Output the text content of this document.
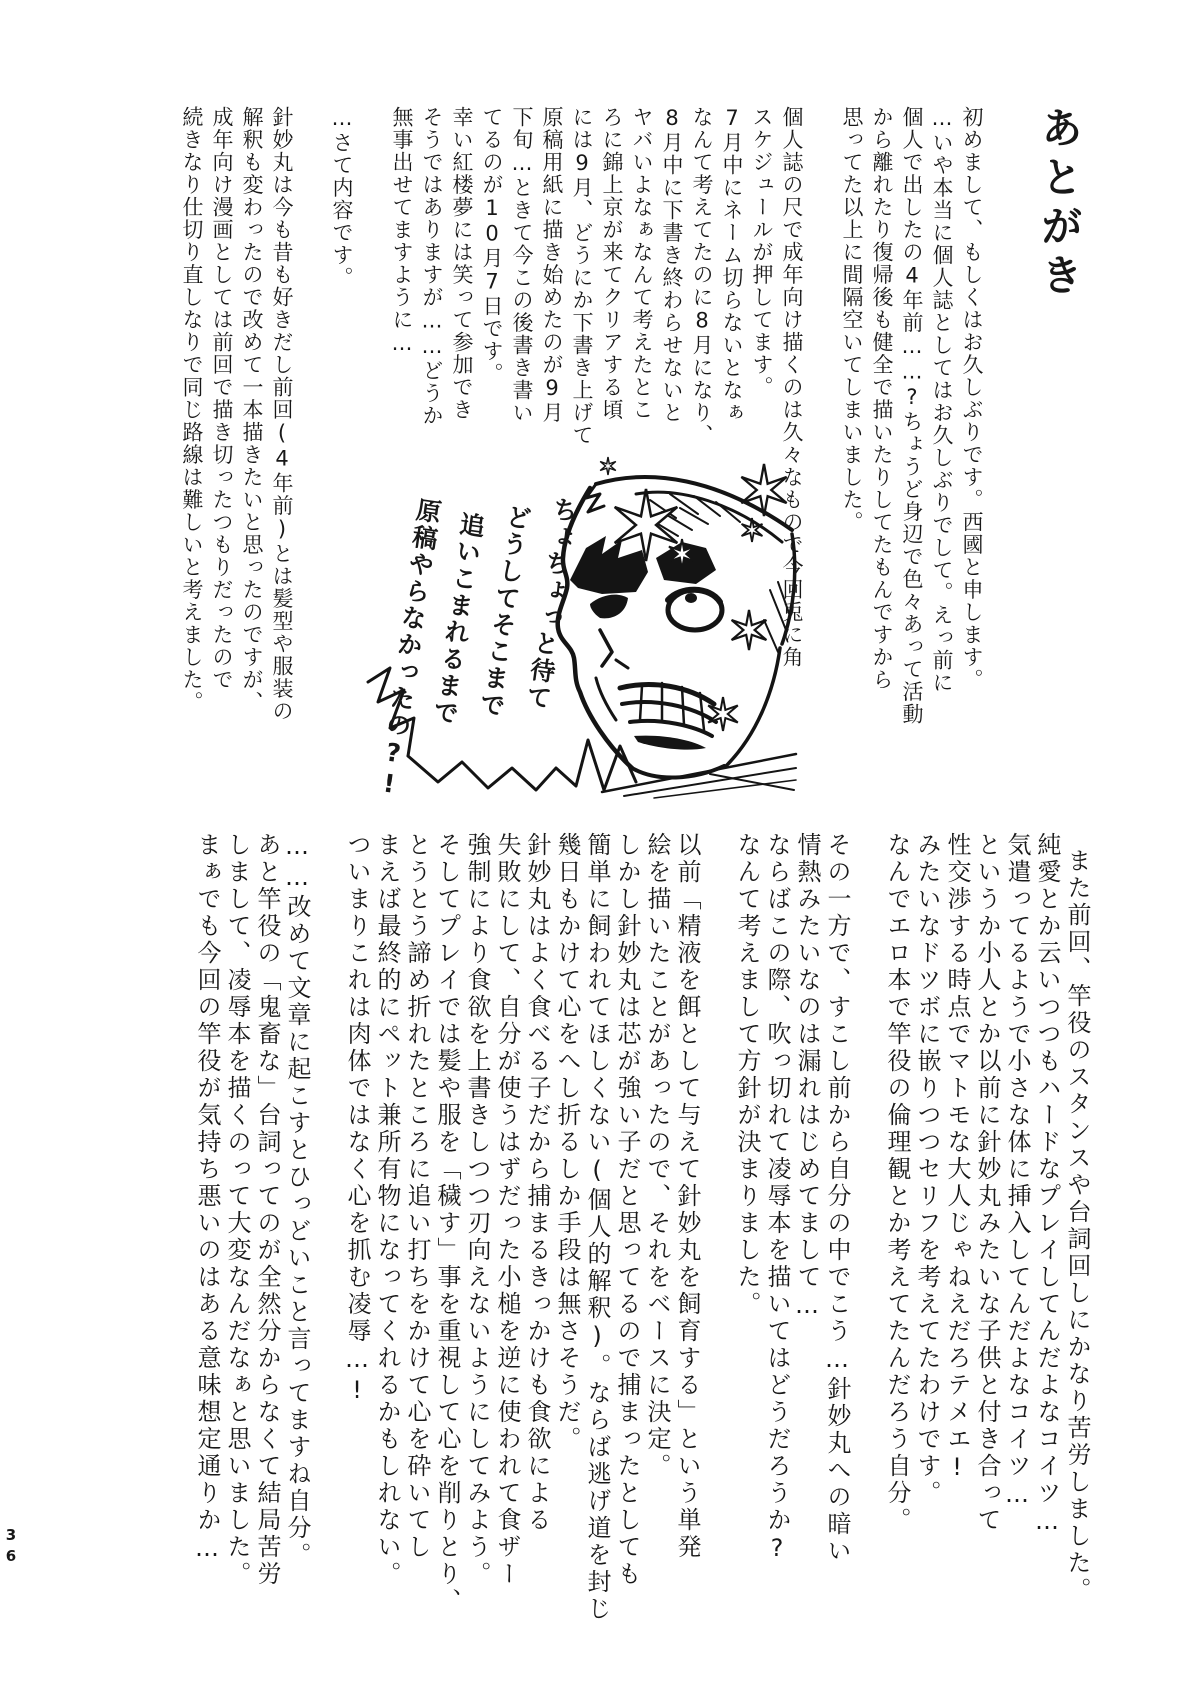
ちょちょっと待て
どうしてそこまで
追いこまれるまで
原稿やらなかったの?!
あとがき
初めまして、もしくはお久しぶりです。西國と申します。
…いや本当に個人誌としてはお久しぶりでして。えっ前に
個人で出したの4年前……?ちょうど身辺で色々あって活動
から離れたり復帰後も健全で描いたりしてたもんですから
思ってた以上に間隔空いてしまいました。

個人誌の尺で成年向け描くのは久々なもので今回兎に角
スケジュールが押してます。
7月中にネーム切らないとなぁ
なんて考えてたのに8月になり、
8月中に下書き終わらせないと
ヤバいよなぁなんて考えたとこ
ろに錦上京が来てクリアする頃
には9月、どうにか下書き上げて
原稿用紙に描き始めたのが9月
下旬…ときて今この後書き書い
てるのが10月7日です。
幸い紅楼夢には笑って参加でき
そうではありますが……どうか
無事出せてますように…

…さて内容です。

針妙丸は今も昔も好きだし前回(4年前)とは髪型や服装の
解釈も変わったので改めて一本描きたいと思ったのですが、
成年向け漫画としては前回で描き切ったつもりだったので
続きなり仕切り直しなりで同じ路線は難しいと考えました。
また前回、竿役のスタンスや台詞回しにかなり苦労しました。
純愛とか云いつつもハードなプレイしてんだよなコイツ…
気遣ってるようで小さな体に挿入してんだよなコイツ…
というか小人とか以前に針妙丸みたいな子供と付き合って
性交渉する時点でマトモな大人じゃねえだろテメエ!
みたいなドツボに嵌りつつセリフを考えてたわけです。
なんでエロ本で竿役の倫理観とか考えてたんだろう自分。

その一方で、すこし前から自分の中でこう…針妙丸への暗い
情熱みたいなのは漏れはじめてまして…
ならばこの際、吹っ切れて凌辱本を描いてはどうだろうか?
なんて考えまして方針が決まりました。

以前「精液を餌として与えて針妙丸を飼育する」という単発
絵を描いたことがあったので、それをベースに決定。
しかし針妙丸は芯が強い子だと思ってるので捕まったとしても
簡単に飼われてほしくない(個人的解釈)。ならば逃げ道を封じ
幾日もかけて心をへし折るしか手段は無さそうだ。
針妙丸はよく食べる子だから捕まるきっかけも食欲による
失敗にして、自分が使うはずだった小槌を逆に使われて食ザー
強制により食欲を上書きしつつ刃向えないようにしてみよう。
そしてプレイでは髪や服を「穢す」事を重視して心を削りとり、
とうとう諦め折れたところに追い打ちをかけて心を砕いてし
まえば最終的にペット兼所有物になってくれるかもしれない。
ついまりこれは肉体ではなく心を抓む凌辱…!

……改めて文章に起こすとひっどいこと言ってますね自分。
あと竿役の「鬼畜な」台詞ってのが全然分からなくて結局苦労
しまして、凌辱本を描くのって大変なんだなぁと思いました。
まぁでも今回の竿役が気持ち悪いのはある意味想定通りか…
36
